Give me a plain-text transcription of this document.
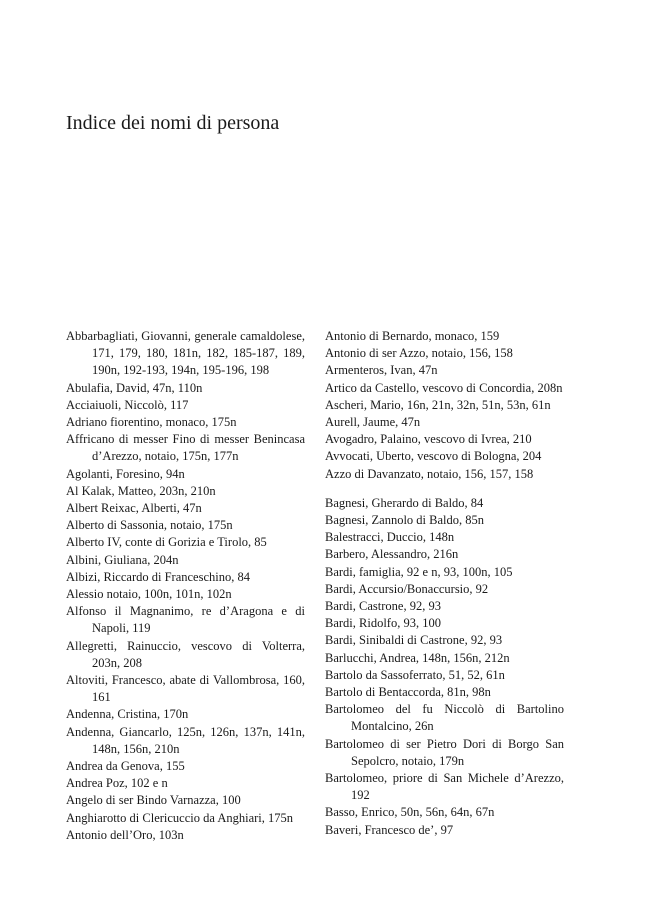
Indice dei nomi di persona
Abbarbagliati, Giovanni, generale camaldolese, 171, 179, 180, 181n, 182, 185-187, 189, 190n, 192-193, 194n, 195-196, 198
Abulafia, David, 47n, 110n
Acciaiuoli, Niccolò, 117
Adriano fiorentino, monaco, 175n
Affricano di messer Fino di messer Benincasa d’Arezzo, notaio, 175n, 177n
Agolanti, Foresino, 94n
Al Kalak, Matteo, 203n, 210n
Albert Reixac, Alberti, 47n
Alberto di Sassonia, notaio, 175n
Alberto IV, conte di Gorizia e Tirolo, 85
Albini, Giuliana, 204n
Albizi, Riccardo di Franceschino, 84
Alessio notaio, 100n, 101n, 102n
Alfonso il Magnanimo, re d’Aragona e di Napoli, 119
Allegretti, Rainuccio, vescovo di Volterra, 203n, 208
Altoviti, Francesco, abate di Vallombrosa, 160, 161
Andenna, Cristina, 170n
Andenna, Giancarlo, 125n, 126n, 137n, 141n, 148n, 156n, 210n
Andrea da Genova, 155
Andrea Poz, 102 e n
Angelo di ser Bindo Varnazza, 100
Anghiarotto di Clericuccio da Anghiari, 175n
Antonio dell’Oro, 103n
Antonio di Bernardo, monaco, 159
Antonio di ser Azzo, notaio, 156, 158
Armenteros, Ivan, 47n
Artico da Castello, vescovo di Concordia, 208n
Ascheri, Mario, 16n, 21n, 32n, 51n, 53n, 61n
Aurell, Jaume, 47n
Avogadro, Palaino, vescovo di Ivrea, 210
Avvocati, Uberto, vescovo di Bologna, 204
Azzo di Davanzato, notaio, 156, 157, 158
Bagnesi, Gherardo di Baldo, 84
Bagnesi, Zannolo di Baldo, 85n
Balestracci, Duccio, 148n
Barbero, Alessandro, 216n
Bardi, famiglia, 92 e n, 93, 100n, 105
Bardi, Accursio/Bonaccursio, 92
Bardi, Castrone, 92, 93
Bardi, Ridolfo, 93, 100
Bardi, Sinibaldi di Castrone, 92, 93
Barlucchi, Andrea, 148n, 156n, 212n
Bartolo da Sassoferrato, 51, 52, 61n
Bartolo di Bentaccorda, 81n, 98n
Bartolomeo del fu Niccolò di Bartolino Montalcino, 26n
Bartolomeo di ser Pietro Dori di Borgo San Sepolcro, notaio, 179n
Bartolomeo, priore di San Michele d’Arezzo, 192
Basso, Enrico, 50n, 56n, 64n, 67n
Baveri, Francesco de’, 97
